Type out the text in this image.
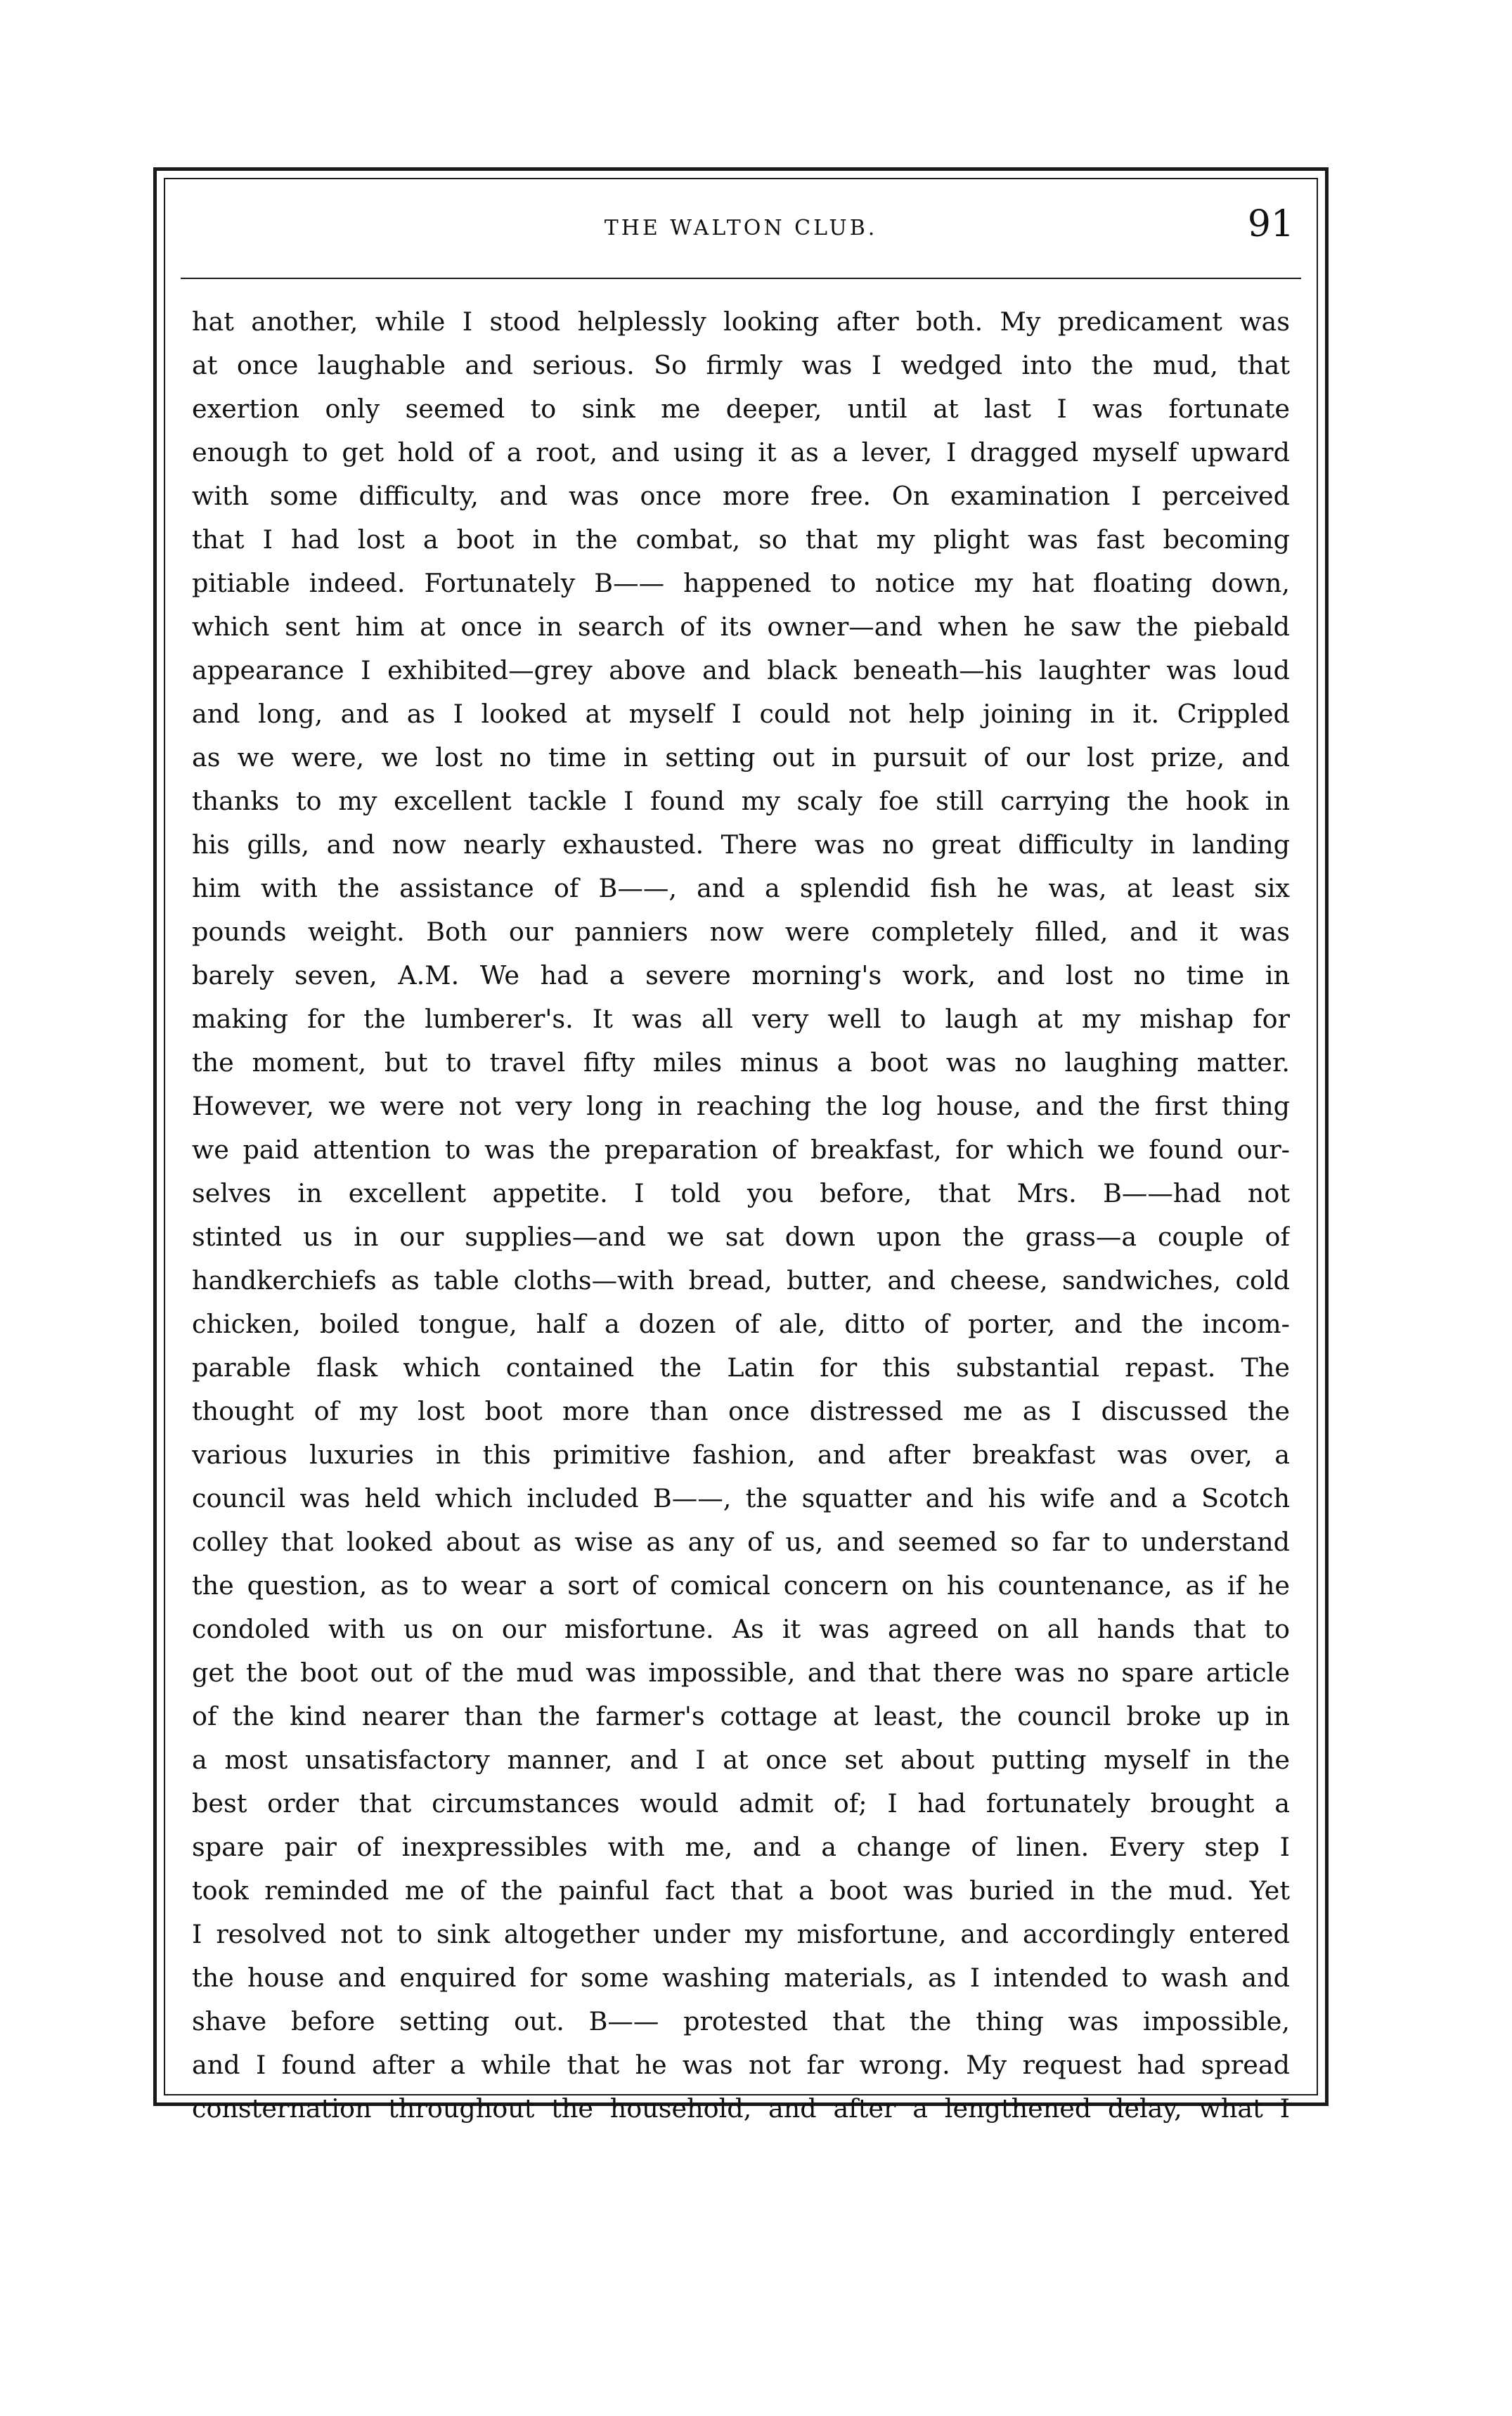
THE WALTON CLUB.	91
hat another, while I stood helplessly looking after both. My predicament was
at once laughable and serious. So firmly was I wedged into the mud, that
exertion only seemed to sink me deeper, until at last I was fortunate
enough to get hold of a root, and using it as a lever, I dragged myself upward
with some difficulty, and was once more free. On examination I perceived
that I had lost a boot in the combat, so that my plight was fast becoming
pitiable indeed. Fortunately B—— happened to notice my hat floating down,
which sent him at once in search of its owner—and when he saw the piebald
appearance I exhibited—grey above and black beneath—his laughter was loud
and long, and as I looked at myself I could not help joining in it. Crippled
as we were, we lost no time in setting out in pursuit of our lost prize, and
thanks to my excellent tackle I found my scaly foe still carrying the hook in
his gills, and now nearly exhausted. There was no great difficulty in landing
him with the assistance of B——, and a splendid fish he was, at least six
pounds weight. Both our panniers now were completely filled, and it was
barely seven, A.M. We had a severe morning's work, and lost no time in
making for the lumberer's. It was all very well to laugh at my mishap for
the moment, but to travel fifty miles minus a boot was no laughing matter.
However, we were not very long in reaching the log house, and the first thing
we paid attention to was the preparation of breakfast, for which we found our-
selves in excellent appetite. I told you before, that Mrs. B——had not
stinted us in our supplies—and we sat down upon the grass—a couple of
handkerchiefs as table cloths—with bread, butter, and cheese, sandwiches, cold
chicken, boiled tongue, half a dozen of ale, ditto of porter, and the incom-
parable flask which contained the Latin for this substantial repast. The
thought of my lost boot more than once distressed me as I discussed the
various luxuries in this primitive fashion, and after breakfast was over, a
council was held which included B——, the squatter and his wife and a Scotch
colley that looked about as wise as any of us, and seemed so far to understand
the question, as to wear a sort of comical concern on his countenance, as if he
condoled with us on our misfortune. As it was agreed on all hands that to
get the boot out of the mud was impossible, and that there was no spare article
of the kind nearer than the farmer's cottage at least, the council broke up in
a most unsatisfactory manner, and I at once set about putting myself in the
best order that circumstances would admit of; I had fortunately brought a
spare pair of inexpressibles with me, and a change of linen. Every step I
took reminded me of the painful fact that a boot was buried in the mud. Yet
I resolved not to sink altogether under my misfortune, and accordingly entered
the house and enquired for some washing materials, as I intended to wash and
shave before setting out. B—— protested that the thing was impossible,
and I found after a while that he was not far wrong. My request had spread
consternation throughout the household, and after a lengthened delay, what I
